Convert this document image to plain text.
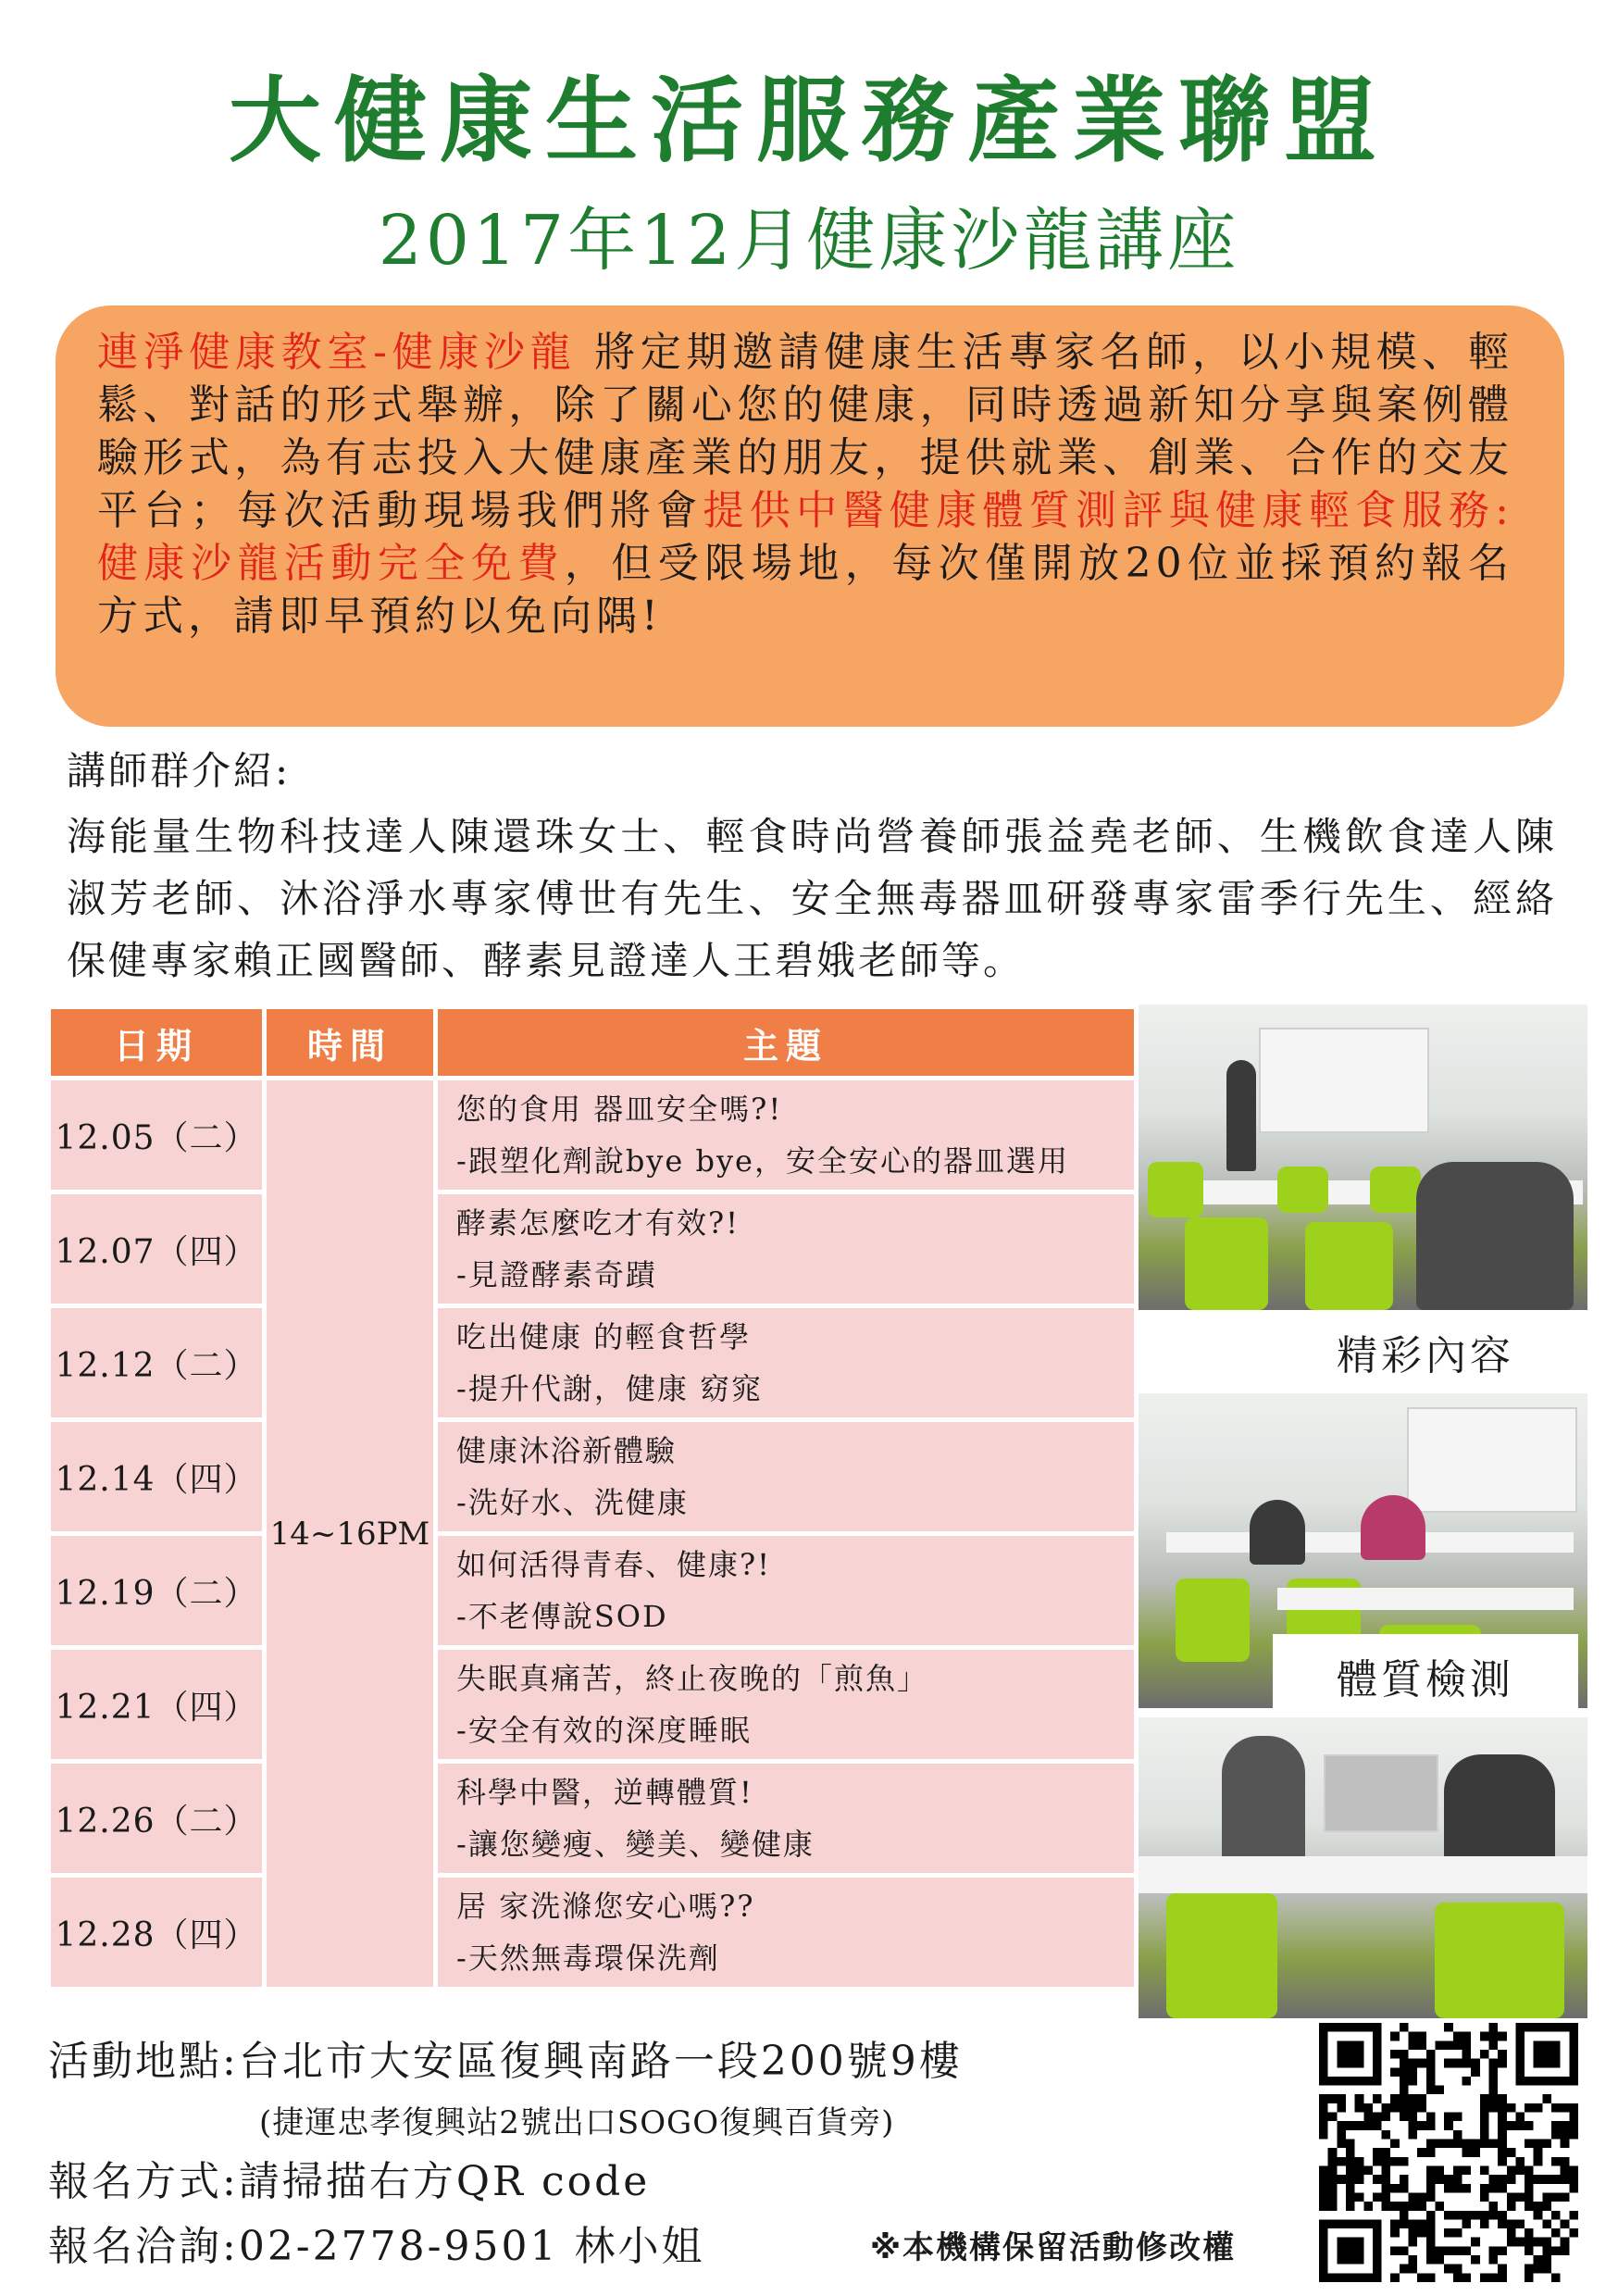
大健康生活服務產業聯盟
2017年12月健康沙龍講座
連淨健康教室-健康沙龍 將定期邀請健康生活專家名師，以小規模、輕鬆、對話的形式舉辦，除了關心您的健康，同時透過新知分享與案例體驗形式，為有志投入大健康產業的朋友，提供就業、創業、合作的交友平台；每次活動現場我們將會提供中醫健康體質測評與健康輕食服務:健康沙龍活動完全免費，但受限場地，每次僅開放20位並採預約報名方式，請即早預約以免向隅!
講師群介紹:
海能量生物科技達人陳還珠女士、輕食時尚營養師張益堯老師、生機飲食達人陳淑芳老師、沐浴淨水專家傅世有先生、安全無毒器皿研發專家雷季行先生、經絡保健專家賴正國醫師、酵素見證達人王碧娥老師等。
日期	時間	主題
12.05（二）	14~16PM	您的食用 器皿安全嗎?!
-跟塑化劑說bye bye，安全安心的器皿選用

12.07（四）		酵素怎麼吃才有效?!
-見證酵素奇蹟

12.12（二）		吃出健康 的輕食哲學
-提升代謝，健康 窈窕

12.14（四）		健康沐浴新體驗
-洗好水、洗健康

12.19（二）		如何活得青春、健康?!
-不老傳說SOD

12.21（四）		失眠真痛苦，終止夜晚的「煎魚」
-安全有效的深度睡眠

12.26（二）		科學中醫，逆轉體質!
-讓您變瘦、變美、變健康

12.28（四）		居 家洗滌您安心嗎??
-天然無毒環保洗劑
精彩內容
體質檢測
活動地點:台北市大安區復興南路一段200號9樓
(捷運忠孝復興站2號出口SOGO復興百貨旁)
報名方式:請掃描右方QR code
報名洽詢:02-2778-9501 林小姐	※本機構保留活動修改權
